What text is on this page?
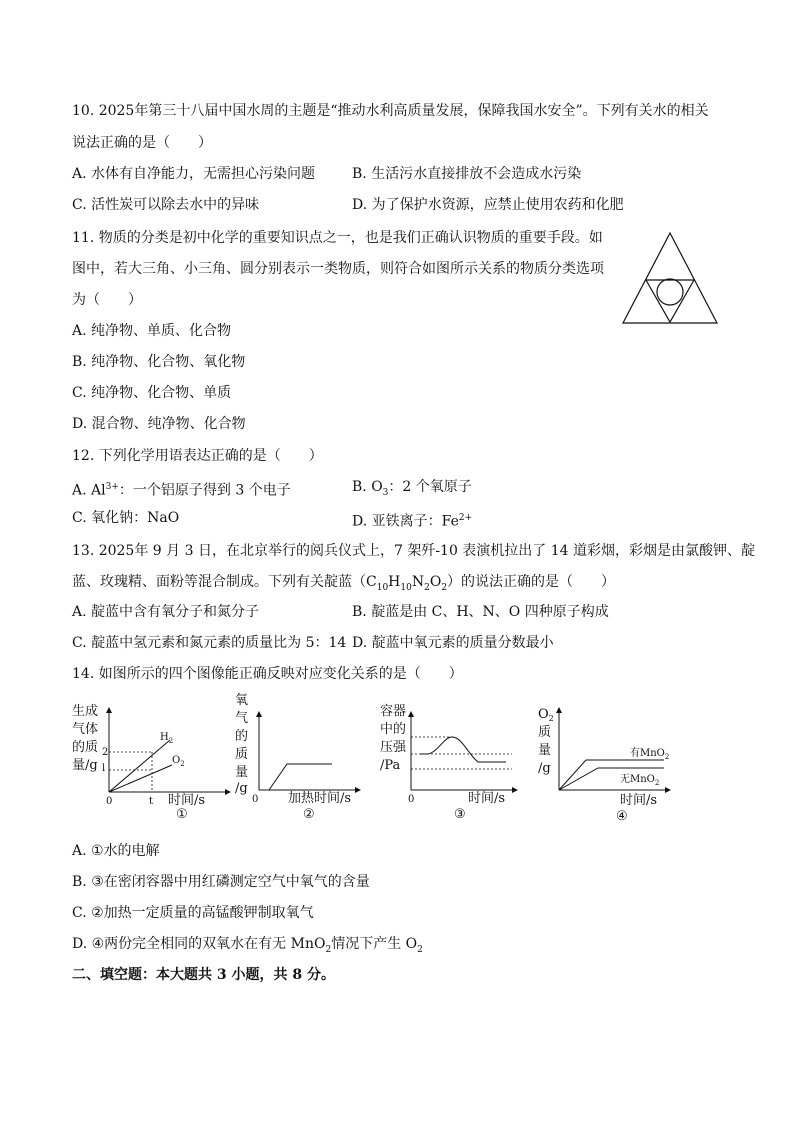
10. 2025年第三十八届中国水周的主题是“推动水利高质量发展，保障我国水安全”。下列有关水的相关
说法正确的是（　　）
A. 水体有自净能力，无需担心污染问题	B. 生活污水直接排放不会造成水污染
C. 活性炭可以除去水中的异味	D. 为了保护水资源，应禁止使用农药和化肥
11. 物质的分类是初中化学的重要知识点之一，也是我们正确认识物质的重要手段。如
图中，若大三角、小三角、圆分别表示一类物质，则符合如图所示关系的物质分类选项
为（　　）
A. 纯净物、单质、化合物
B. 纯净物、化合物、氧化物
C. 纯净物、化合物、单质
D. 混合物、纯净物、化合物
12. 下列化学用语表达正确的是（　　）
A. $Al^{3+}$：一个铝原子得到 3 个电子	B. $O_3$：2 个氧原子
C. 氧化钠：NaO	D. 亚铁离子：$Fe^{2+}$
13. 2025年 9 月 3 日，在北京举行的阅兵仪式上，7 架歼-10 表演机拉出了 14 道彩烟，彩烟是由氯酸钾、靛
蓝、玫瑰精、面粉等混合制成。下列有关靛蓝$(C_{10}H_{10}N_2O_2)$的说法正确的是（　　）
A. 靛蓝中含有氧分子和氮分子	B. 靛蓝是由 C、H、N、O 四种原子构成
C. 靛蓝中氢元素和氮元素的质量比为 5：14 D. 靛蓝中氧元素的质量分数最小
14. 如图所示的四个图像能正确反映对应变化关系的是（　　）
生成
气体
的质
量/g
2
l
0	t 时间/s
$H_2$
$O_2$
①
氧
气
的
质
量
/g
0 加热时间/s
②
容器
中的
压强
/Pa
0	时间/s
③
$O_2$
质
量
/g
有MnO$_2$
无MnO$_2$
时间/s
④
A. ①水的电解
B. ③在密闭容器中用红磷测定空气中氧气的含量
C. ②加热一定质量的高锰酸钾制取氧气
D. ④两份完全相同的双氧水在有无 MnO$_2$情况下产生 $O_2$
二、填空题：本大题共 3 小题，共 8 分。
